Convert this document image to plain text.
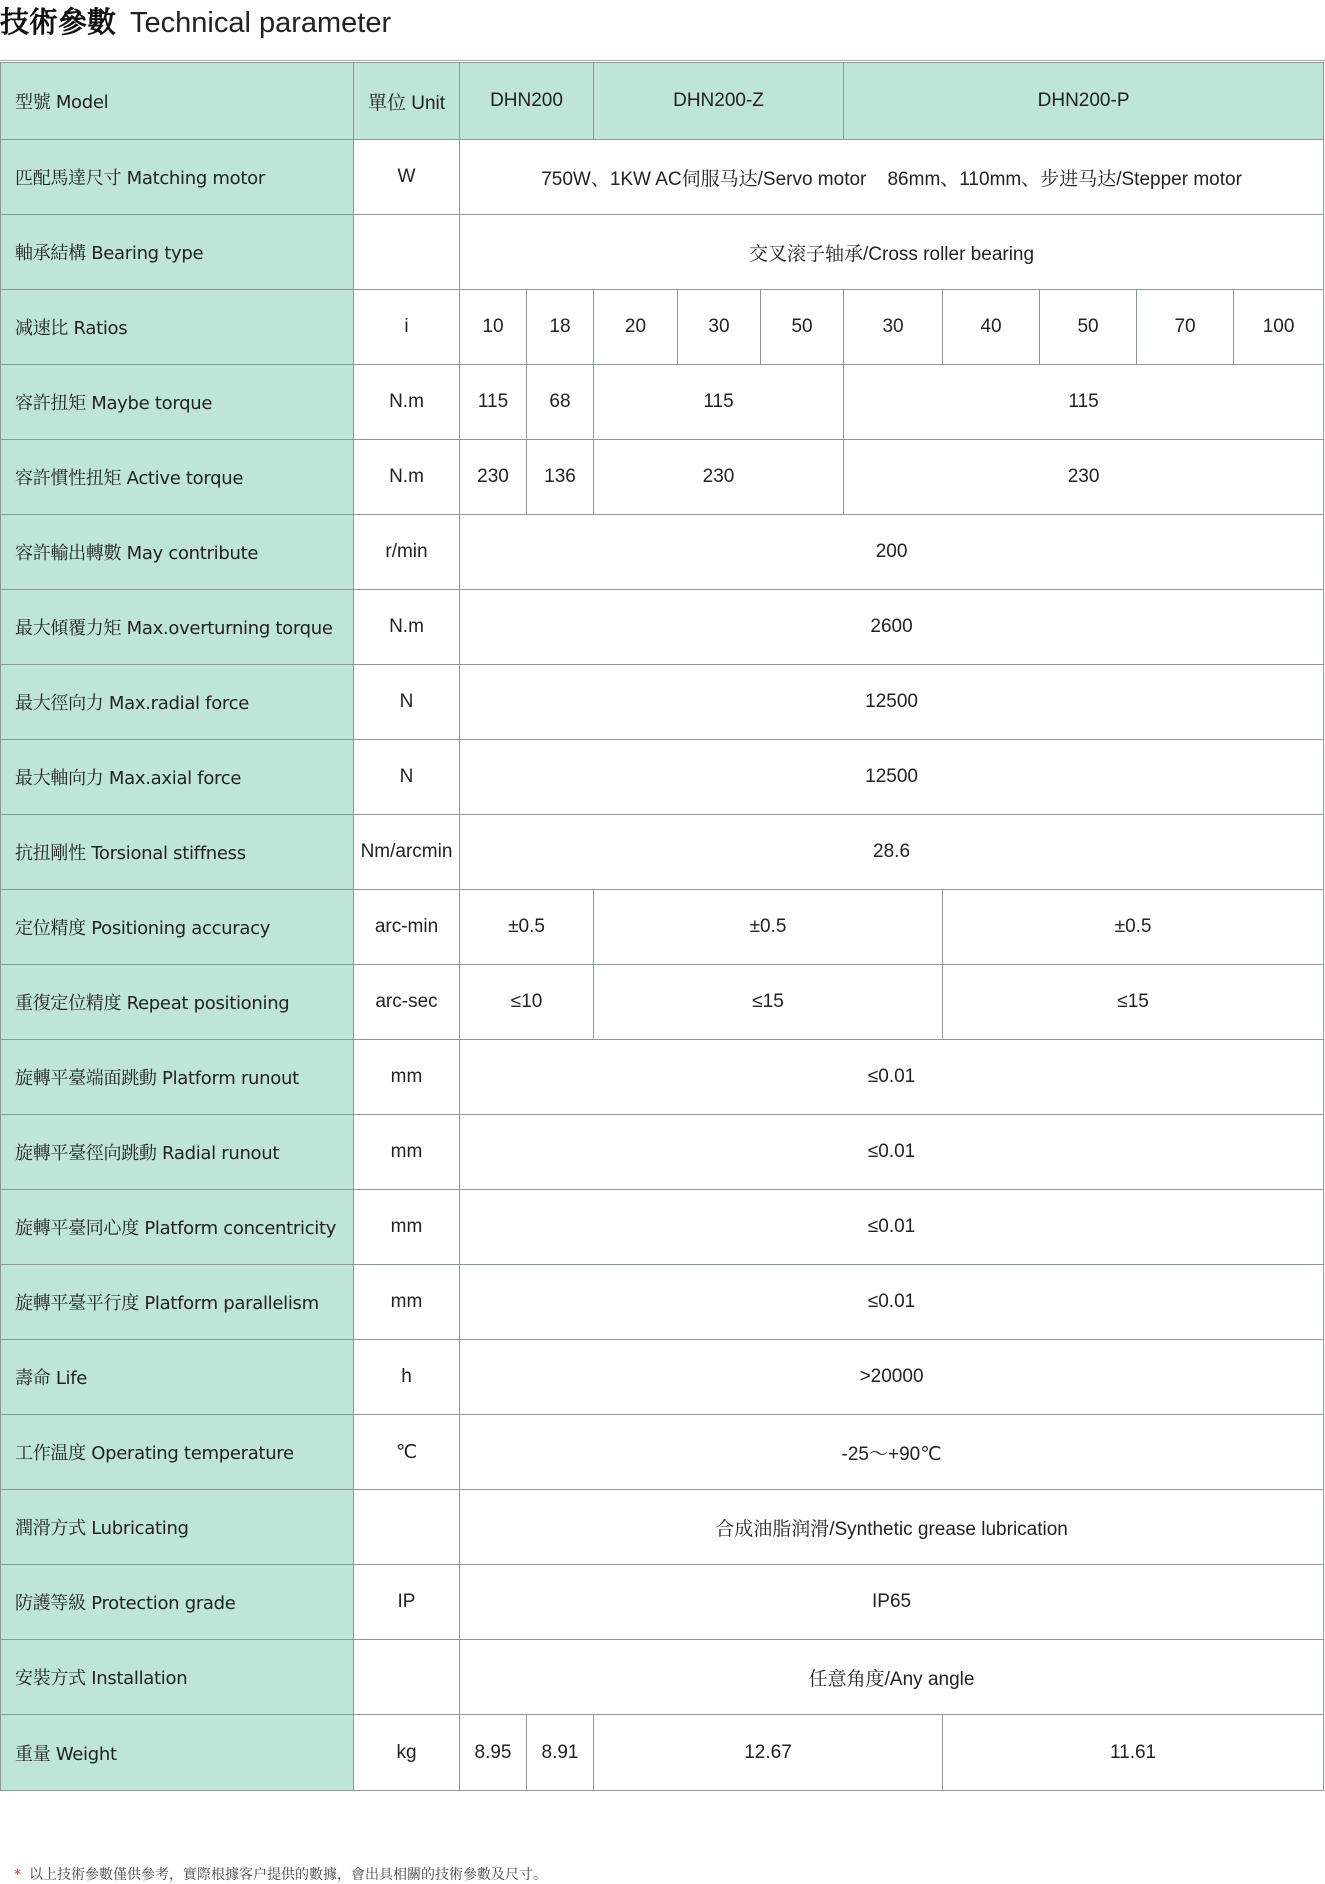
技術參數 Technical parameter
型號 Model	單位 Unit	DHN200		DHN200-Z			DHN200-P				
匹配馬達尺寸 Matching motor	W	750W、1KW AC伺服马达/Servo motor    86mm、110mm、步进马达/Stepper motor									
軸承結構 Bearing type		交叉滚子轴承/Cross roller bearing									
减速比 Ratios	i	10	18	20	30	50	30	40	50	70	100
容許扭矩 Maybe torque	N.m	115	68	115			115				
容許慣性扭矩 Active torque	N.m	230	136	230			230				
容許輸出轉數 May contribute	r/min	200									
最大傾覆力矩 Max.overturning torque	N.m	2600									
最大徑向力 Max.radial force	N	12500									
最大軸向力 Max.axial force	N	12500									
抗扭剛性 Torsional stiffness	Nm/arcmin	28.6									
定位精度 Positioning accuracy	arc-min	±0.5		±0.5				±0.5			
重復定位精度 Repeat positioning	arc-sec	≤10		≤15				≤15			
旋轉平臺端面跳動 Platform runout	mm	≤0.01									
旋轉平臺徑向跳動 Radial runout	mm	≤0.01									
旋轉平臺同心度 Platform concentricity	mm	≤0.01									
旋轉平臺平行度 Platform parallelism	mm	≤0.01									
壽命 Life	h	>20000									
工作温度 Operating temperature	℃	-25～+90℃									
潤滑方式 Lubricating		合成油脂润滑/Synthetic grease lubrication									
防護等級 Protection grade	IP	IP65									
安裝方式 Installation		任意角度/Any angle									
重量 Weight	kg	8.95	8.91	12.67				11.61			
* 以上技術參數僅供參考，實際根據客户提供的數據，會出具相關的技術參數及尺寸。
